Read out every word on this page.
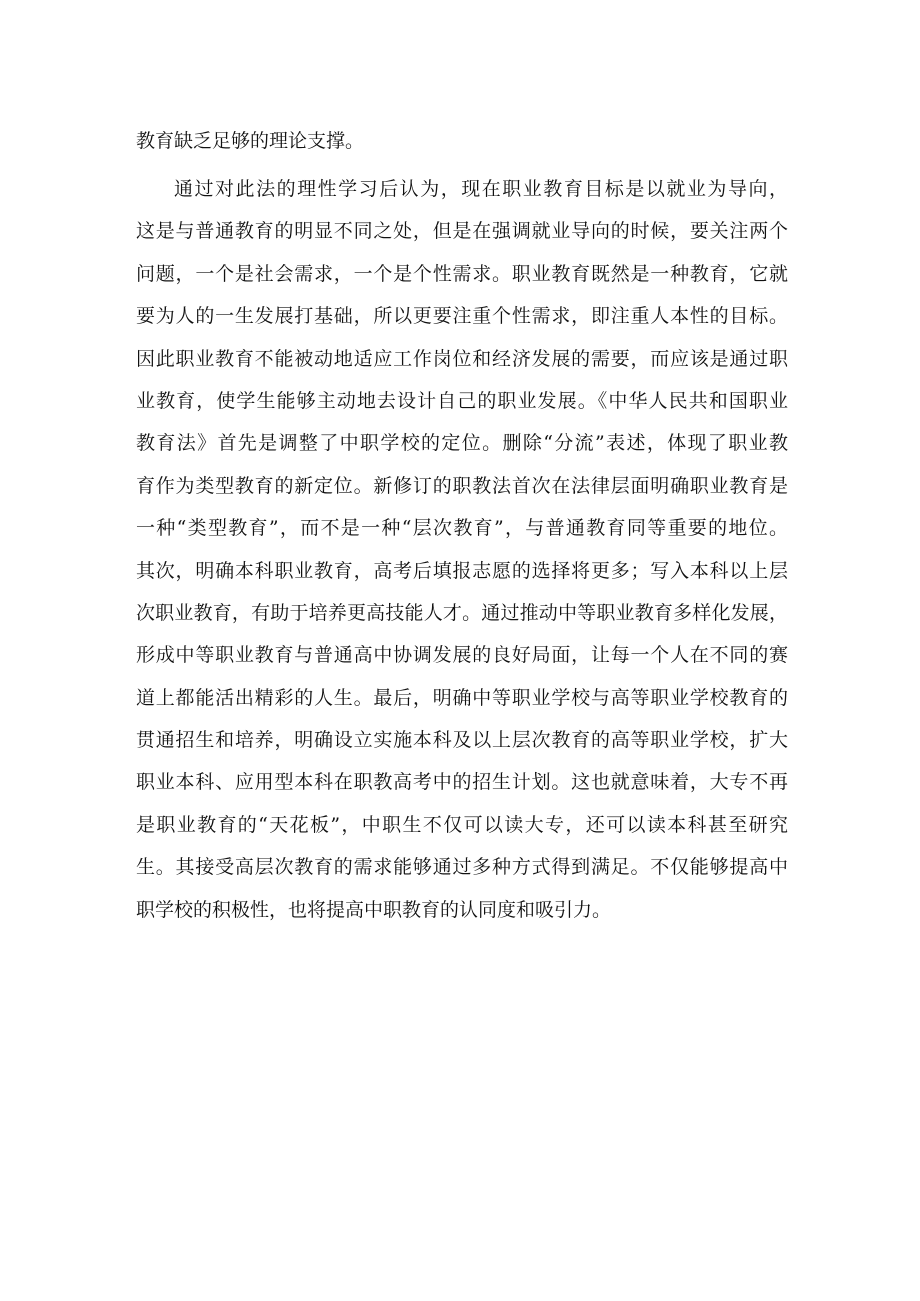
教育缺乏足够的理论支撑。
通过对此法的理性学习后认为，现在职业教育目标是以就业为导向，
这是与普通教育的明显不同之处，但是在强调就业导向的时候，要关注两个
问题，一个是社会需求，一个是个性需求。职业教育既然是一种教育，它就
要为人的一生发展打基础，所以更要注重个性需求，即注重人本性的目标。
因此职业教育不能被动地适应工作岗位和经济发展的需要，而应该是通过职
业教育，使学生能够主动地去设计自己的职业发展。《中华人民共和国职业
教育法》首先是调整了中职学校的定位。删除“分流”表述，体现了职业教
育作为类型教育的新定位。新修订的职教法首次在法律层面明确职业教育是
一种“类型教育”，而不是一种“层次教育”，与普通教育同等重要的地位。
其次，明确本科职业教育，高考后填报志愿的选择将更多；写入本科以上层
次职业教育，有助于培养更高技能人才。通过推动中等职业教育多样化发展，
形成中等职业教育与普通高中协调发展的良好局面，让每一个人在不同的赛
道上都能活出精彩的人生。最后，明确中等职业学校与高等职业学校教育的
贯通招生和培养，明确设立实施本科及以上层次教育的高等职业学校，扩大
职业本科、应用型本科在职教高考中的招生计划。这也就意味着，大专不再
是职业教育的“天花板”，中职生不仅可以读大专，还可以读本科甚至研究
生。其接受高层次教育的需求能够通过多种方式得到满足。不仅能够提高中
职学校的积极性，也将提高中职教育的认同度和吸引力。
